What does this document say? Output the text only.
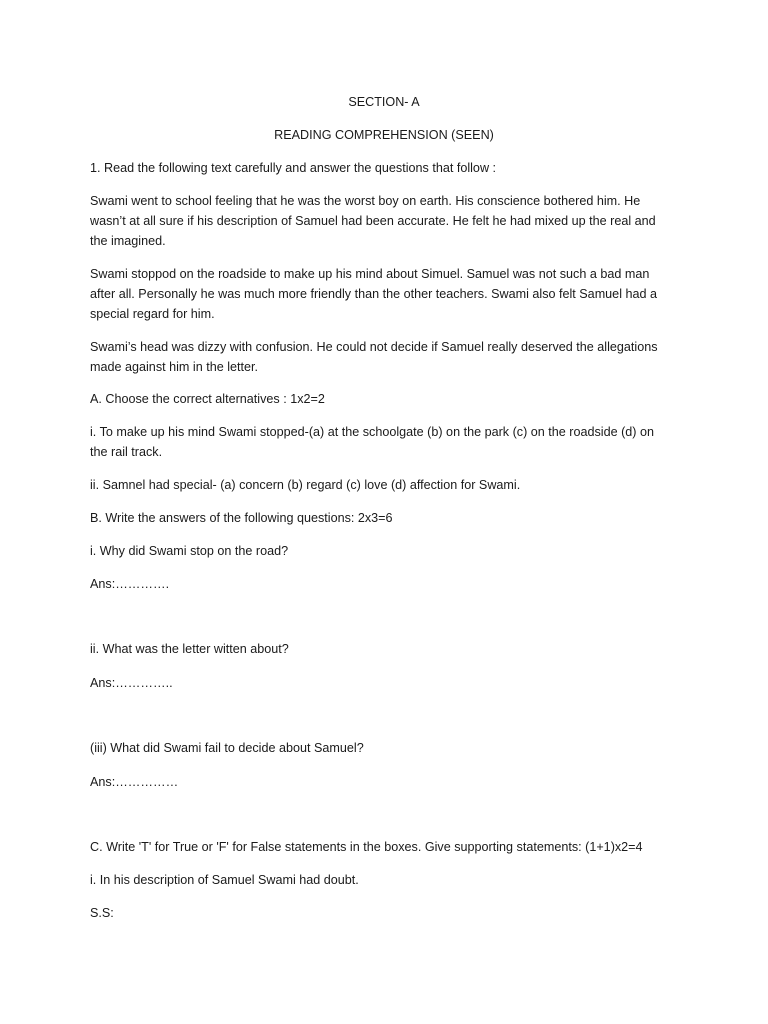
SECTION- A
READING COMPREHENSION (SEEN)
1. Read the following text carefully and answer the questions that follow :
Swami went to school feeling that he was the worst boy on earth. His conscience bothered him. He wasn’t at all sure if his description of Samuel had been accurate. He felt he had mixed up the real and the imagined.
Swami stoppod on the roadside to make up his mind about Simuel. Samuel was not such a bad man after all. Personally he was much more friendly than the other teachers. Swami also felt Samuel had a special regard for him.
Swami’s head was dizzy with confusion. He could not decide if Samuel really deserved the allegations made against him in the letter.
A. Choose the correct alternatives : 1x2=2
i. To make up his mind Swami stopped-(a) at the schoolgate (b) on the park (c) on the roadside (d) on the rail track.
ii. Samnel had special- (a) concern (b) regard (c) love (d) affection for Swami.
B. Write the answers of the following questions: 2x3=6
i. Why did Swami stop on the road?
Ans:………….
ii. What was the letter witten about?
Ans:…………..
(iii) What did Swami fail to decide about Samuel?
Ans:……………
C. Write 'T' for True or 'F' for False statements in the boxes. Give supporting statements: (1+1)x2=4
i. In his description of Samuel Swami had doubt.
S.S:
